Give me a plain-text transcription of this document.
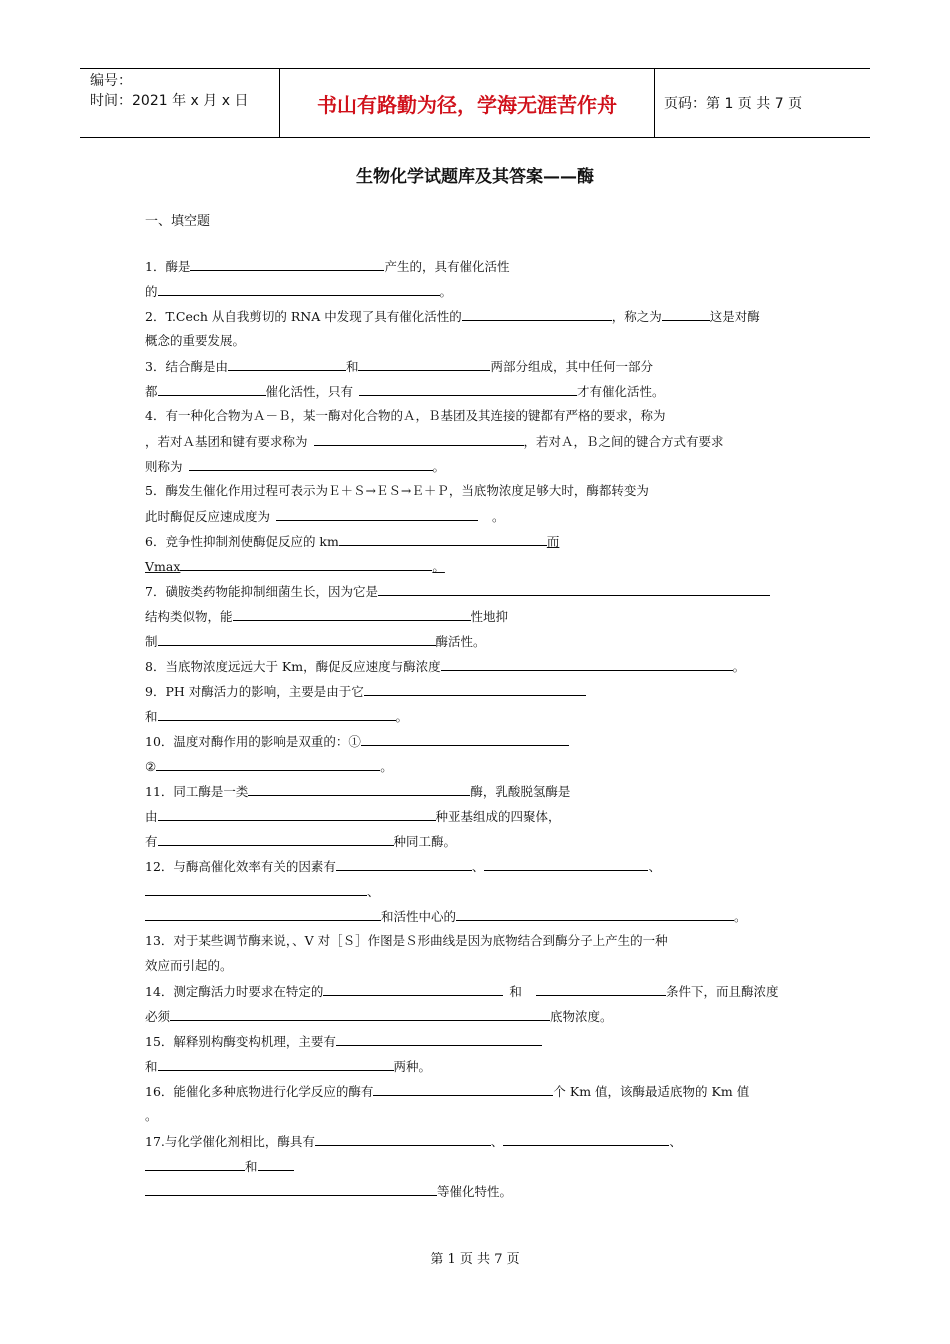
编号：
时间：2021 年 x 月 x 日	书山有路勤为径，学海无涯苦作舟	页码：第 1 页 共 7 页
生物化学试题库及其答案——酶
一、填空题
1．酶是	产生的，具有催化活性
的	。
2．T.Cech 从自我剪切的 RNA 中发现了具有催化活性的	，称之为	这是对酶
概念的重要发展。
3．结合酶是由	和	两部分组成，其中任何一部分
都	催化活性，只有	才有催化活性。
4．有一种化合物为Ａ－Ｂ，某一酶对化合物的Ａ，Ｂ基团及其连接的键都有严格的要求，称为
，若对Ａ基团和键有要求称为	，若对Ａ，Ｂ之间的键合方式有要求
则称为	。
5．酶发生催化作用过程可表示为Ｅ＋Ｓ→ＥＳ→Ｅ＋Ｐ，当底物浓度足够大时，酶都转变为
此时酶促反应速成度为	。
6．竞争性抑制剂使酶促反应的 km	而
Vmax	。
7．磺胺类药物能抑制细菌生长，因为它是
结构类似物，能	性地抑
制	酶活性。
8．当底物浓度远远大于 Km，酶促反应速度与酶浓度	。
9．PH 对酶活力的影响，主要是由于它
和	。
10．温度对酶作用的影响是双重的：①
②	。
11．同工酶是一类	酶，乳酸脱氢酶是
由	种亚基组成的四聚体，
有	种同工酶。
12．与酶高催化效率有关的因素有	、	、
、
和活性中心的	。
13．对于某些调节酶来说，、V 对［Ｓ］作图是Ｓ形曲线是因为底物结合到酶分子上产生的一种
效应而引起的。
14．测定酶活力时要求在特定的	和	条件下，而且酶浓度
必须	底物浓度。
15．解释别构酶变构机理，主要有
和	两种。
16．能催化多种底物进行化学反应的酶有	个 Km 值，该酶最适底物的 Km 值
。
17.与化学催化剂相比，酶具有	、	、
和
等催化特性。
第 1 页 共 7 页
